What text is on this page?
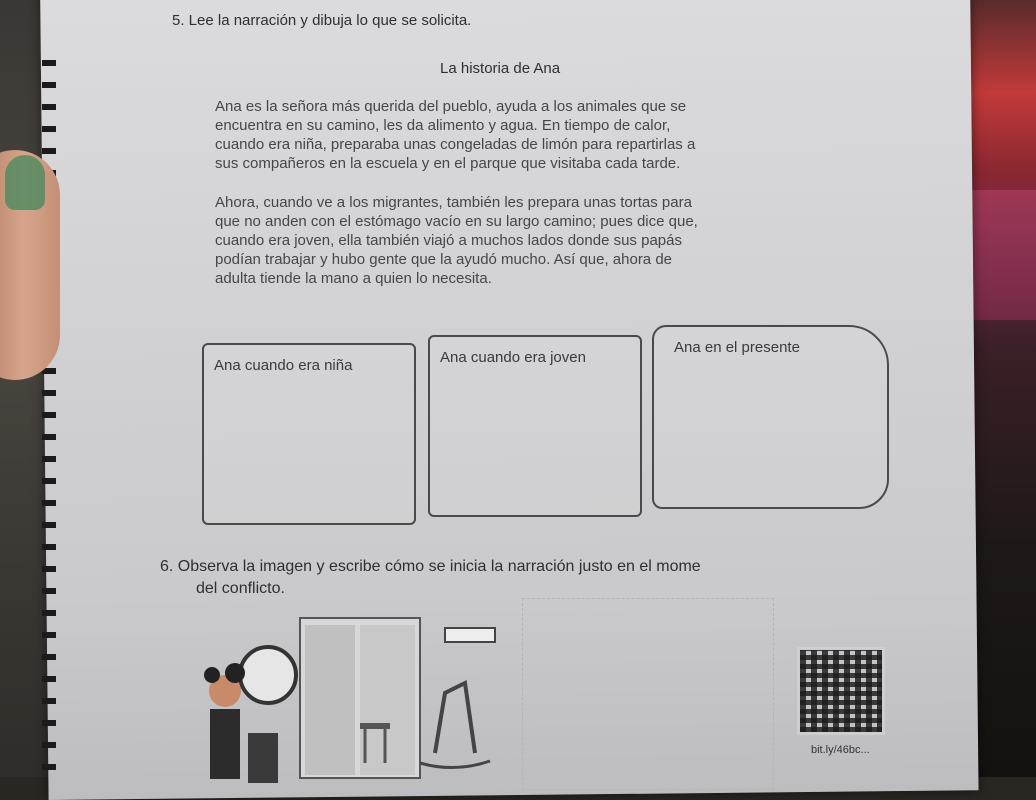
5. Lee la narración y dibuja lo que se solicita.
La historia de Ana
Ana es la señora más querida del pueblo, ayuda a los animales que se
encuentra en su camino, les da alimento y agua. En tiempo de calor,
cuando era niña, preparaba unas congeladas de limón para repartirlas a
sus compañeros en la escuela y en el parque que visitaba cada tarde.
Ahora, cuando ve a los migrantes, también les prepara unas tortas para
que no anden con el estómago vacío en su largo camino; pues dice que,
cuando era joven, ella también viajó a muchos lados donde sus papás
podían trabajar y hubo gente que la ayudó mucho. Así que, ahora de
adulta tiende la mano a quien lo necesita.
Ana cuando era niña	Ana cuando era joven
Ana en el presente
6. Observa la imagen y escribe cómo se inicia la narración justo en el mome
del conflicto.
bit.ly/46bc...
